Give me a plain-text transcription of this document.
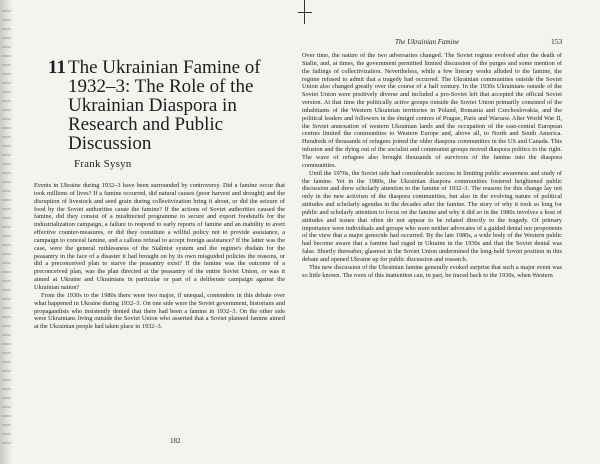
11 The Ukrainian Famine of 1932–3: The Role of the Ukrainian Diaspora in Research and Public Discussion
Frank Sysyn

Events in Ukraine during 1932–3 have been surrounded by controversy. Did a famine occur that took millions of lives? If a famine occurred, did natural causes (poor harvest and drought) and the disruption of livestock and seed grain during collectivization bring it about, or did the seizure of food by the Soviet authorities cause the famine? If the actions of Soviet authorities caused the famine, did they consist of a misdirected programme to secure and export foodstuffs for the industrialization campaign, a failure to respond to early reports of famine and an inability to avert effective counter-measures, or did they constitute a willful policy not to provide assistance, a campaign to conceal famine, and a callous refusal to accept foreign assistance? If the latter was the case, were the general ruthlessness of the Stalinist system and the regime's disdain for the peasantry in the face of a disaster it had brought on by its own misguided policies the reasons, or did a preconceived plan to starve the peasantry exist? If the famine was the outcome of a preconceived plan, was the plan directed at the peasantry of the entire Soviet Union, or was it aimed at Ukraine and Ukrainians in particular or part of a deliberate campaign against the Ukrainian nation?

From the 1930s to the 1980s there were two major, if unequal, contenders in this debate over what happened in Ukraine during 1932–3. On one side were the Soviet government, historians and propagandists who insistently denied that there had been a famine in 1932–3. On the other side were Ukrainians living outside the Soviet Union who asserted that a Soviet planned famine aimed at the Ukrainian people had taken place in 1932–3.

182
The Ukrainian Famine	153

Over time, the nature of the two adversaries changed. The Soviet regime evolved after the death of Stalin, and, at times, the government permitted limited discussion of the purges and some mention of the failings of collectivization. Nevertheless, while a few literary works alluded to the famine, the regime refused to admit that a tragedy had occurred. The Ukrainian communities outside the Soviet Union also changed greatly over the course of a half century. In the 1930s Ukrainians outside of the Soviet Union were positively diverse and included a pro-Soviet left that accepted the official Soviet version. At that time the politically active groups outside the Soviet Union primarily consisted of the inhabitants of the Western Ukrainian territories in Poland, Romania and Czechoslovakia, and the political leaders and followers in the émigré centres of Prague, Paris and Warsaw. After World War II, the Soviet annexation of western Ukrainian lands and the occupation of the east-central European centres limited the communities to Western Europe and, above all, to North and South America. Hundreds of thousands of refugees joined the older diaspora communities in the US and Canada. This infusion and the dying out of the socialist and communist groups moved diaspora politics to the right. The wave of refugees also brought thousands of survivors of the famine into the diaspora communities.

Until the 1970s, the Soviet side had considerable success in limiting public awareness and study of the famine. Yet in the 1980s, the Ukrainian diaspora communities fostered heightened public discussion and drew scholarly attention to the famine of 1932–3. The reasons for this change lay not only in the new activism of the diaspora communities, but also in the evolving nature of political attitudes and scholarly agendas in the decades after the famine. The story of why it took so long for public and scholarly attention to focus on the famine and why it did so in the 1980s involves a host of attitudes and issues that often do not appear to be related directly to the tragedy. Of primary importance were individuals and groups who were neither advocates of a guided denial nor proponents of the view that a major genocide had occurred. By the late 1980s, a wide body of the Western public had become aware that a famine had raged in Ukraine in the 1930s and that the Soviet denial was false. Shortly thereafter, glasnost in the Soviet Union undermined the long-held Soviet position in this debate and opened Ukraine up for public discussion and research.

This new discussion of the Ukrainian famine generally evoked surprise that such a major event was so little known. The roots of this inattention can, in part, be traced back to the 1930s, when Western
